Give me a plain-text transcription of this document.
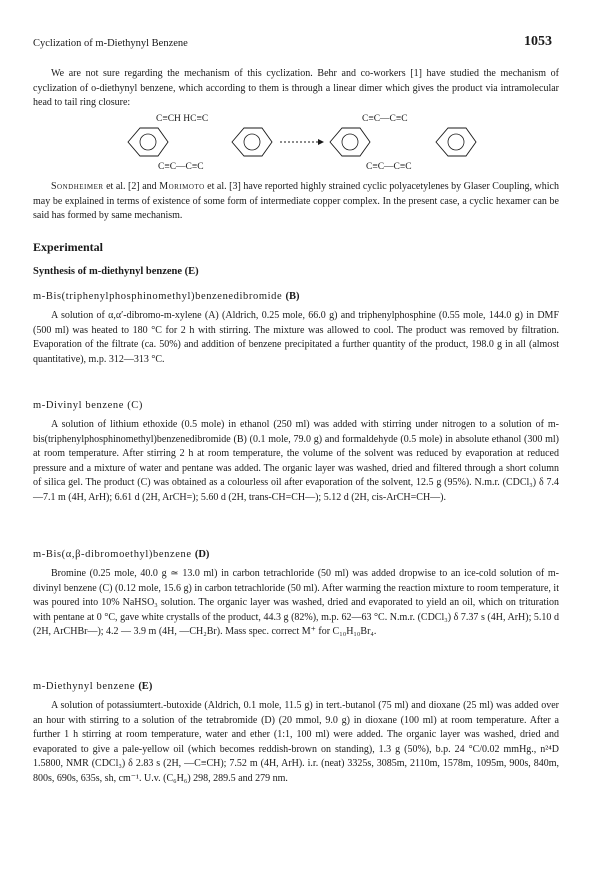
Cyclization of m-Diethynyl Benzene	1053
We are not sure regarding the mechanism of this cyclization. Behr and co-workers [1] have studied the mechanism of cyclization of o-diethynyl benzene, which according to them is through a linear dimer which gives the product via intramolecular head to tail ring closure:
C≡CH HC≡C
C≡C—C≡C
C≡C—C≡C
C≡C—C≡C
Sondheimer et al. [2] and Morimoto et al. [3] have reported highly strained cyclic polyacetylenes by Glaser Coupling, which may be explained in terms of existence of some form of intermediate copper complex. In the present case, a cyclic hexamer can be said has formed by same mechanism.
Experimental
Synthesis of m-diethynyl benzene (E)
m-Bis(triphenylphosphinomethyl)benzenedibromide (B)
A solution of α,α′-dibromo-m-xylene (A) (Aldrich, 0.25 mole, 66.0 g) and triphenylphosphine (0.55 mole, 144.0 g) in DMF (500 ml) was heated to 180 °C for 2 h with stirring. The mixture was allowed to cool. The product was removed by filtration. Evaporation of the filtrate (ca. 50%) and addition of benzene precipitated a further quantity of the product, 198.0 g in all (almost quantitative), m.p. 312—313 °C.
m-Divinyl benzene (C)
A solution of lithium ethoxide (0.5 mole) in ethanol (250 ml) was added with stirring under nitrogen to a solution of m-bis(triphenylphosphinomethyl)benzenedibromide (B) (0.1 mole, 79.0 g) and formaldehyde (0.5 mole) in absolute ethanol (300 ml) at room temperature. After stirring 2 h at room temperature, the volume of the solvent was reduced by evaporation at reduced pressure and a mixture of water and pentane was added. The organic layer was washed, dried and filtered through a short column of silica gel. The product (C) was obtained as a colourless oil after evaporation of the solvent, 12.5 g (95%). N.m.r. (CDCl₃) δ 7.4—7.1 m (4H, ArH); 6.61 d (2H, ArCH=); 5.60 d (2H, trans-CH=CH—); 5.12 d (2H, cis-ArCH=CH—).
m-Bis(α,β-dibromoethyl)benzene (D)
Bromine (0.25 mole, 40.0 g ≃ 13.0 ml) in carbon tetrachloride (50 ml) was added dropwise to an ice-cold solution of m-divinyl benzene (C) (0.12 mole, 15.6 g) in carbon tetrachloride (50 ml). After warming the reaction mixture to room temperature, it was poured into 10% NaHSO₃ solution. The organic layer was washed, dried and evaporated to yield an oil, which on trituration with pentane at 0 °C, gave white crystalls of the product, 44.3 g (82%), m.p. 62—63 °C. N.m.r. (CDCl₃) δ 7.37 s (4H, ArH); 5.10 d (2H, ArCHBr—); 4.2 — 3.9 m (4H, —CH₂Br). Mass spec. correct M⁺ for C₁₀H₁₀Br₄.
m-Diethynyl benzene (E)
A solution of potassiumtert.-butoxide (Aldrich, 0.1 mole, 11.5 g) in tert.-butanol (75 ml) and dioxane (25 ml) was added over an hour with stirring to a solution of the tetrabromide (D) (20 mmol, 9.0 g) in dioxane (100 ml) at room temperature. After a further 1 h stirring at room temperature, water and ether (1:1, 100 ml) were added. The organic layer was washed, dried and evaporated to give a pale-yellow oil (which becomes reddish-brown on standing), 1.3 g (50%), b.p. 24 °C/0.02 mmHg., n²⁴D 1.5800, NMR (CDCl₃) δ 2.83 s (2H, —C≡CH); 7.52 m (4H, ArH). i.r. (neat) 3325s, 3085m, 2110m, 1578m, 1095m, 900s, 840m, 800s, 690s, 635s, sh, cm⁻¹. U.v. (C₆H₆) 298, 289.5 and 279 nm.
